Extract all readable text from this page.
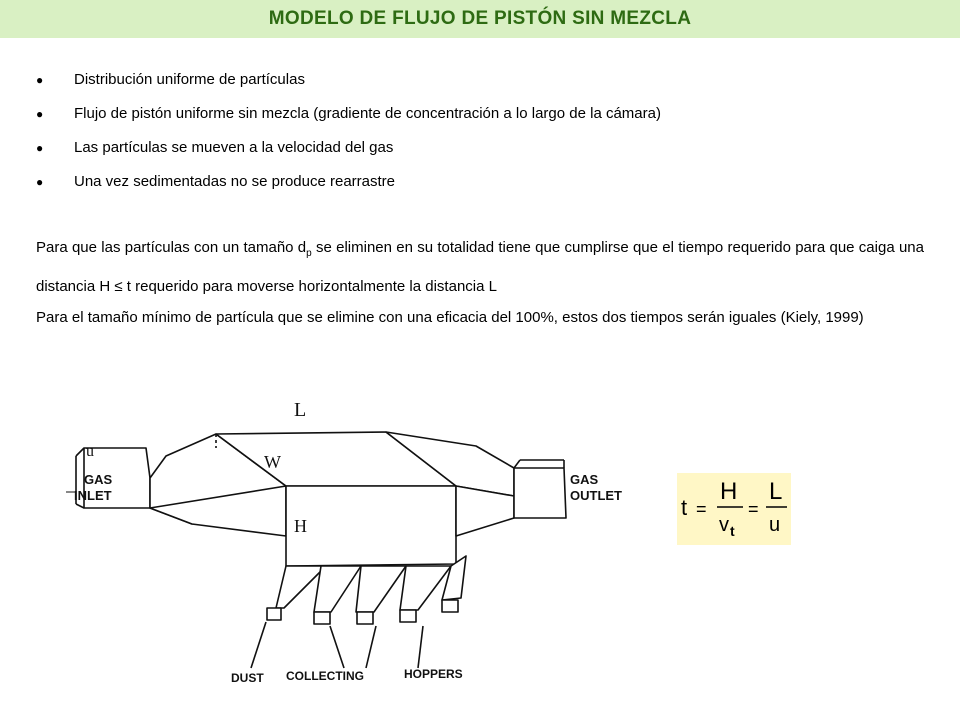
MODELO DE FLUJO DE PISTÓN SIN MEZCLA
●	Distribución uniforme de partículas
●	Flujo de pistón uniforme sin mezcla (gradiente de concentración a lo largo de la cámara)
●	Las partículas se mueven a la velocidad del gas
●	Una vez sedimentadas no se produce rearrastre

Para que las partículas con un tamaño $d_p$ se eliminen en su totalidad tiene que cumplirse que el tiempo requerido para que caiga una distancia H ≤ t requerido para moverse horizontalmente la distancia L

Para el tamaño mínimo de partícula que se elimine con una eficacia del 100%, estos dos tiempos serán iguales (Kiely, 1999)

L
W
H
u
GAS
INLET
GAS
OUTLET
DUST COLLECTING	HOPPERS
t =
H
v t
=
L
u
